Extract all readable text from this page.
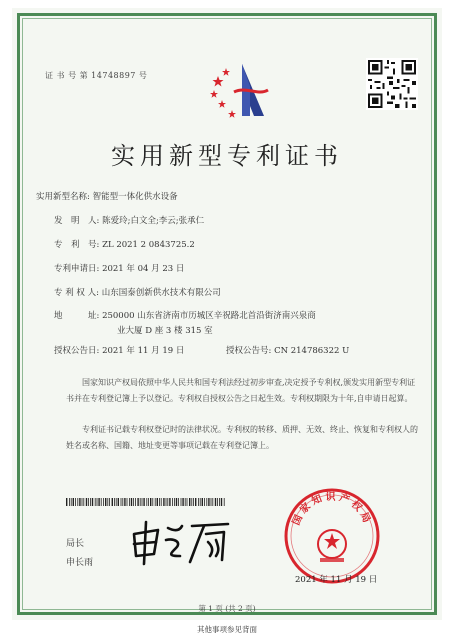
证 书 号 第 14748897 号
实用新型专利证书
实用新型名称: 智能型一体化供水设备
发　明　人: 陈爱玲;白文全;李云;张承仁
专　利　号: ZL 2021 2 0843725.2
专利申请日: 2021 年 04 月 23 日
专 利 权 人: 山东国泰创新供水技术有限公司
地　　　址: 250000 山东省济南市历城区辛祝路北首沿街济南兴泉商
业大厦 D 座 3 楼 315 室
授权公告日: 2021 年 11 月 19 日	授权公告号: CN 214786322 U
国家知识产权局依照中华人民共和国专利法经过初步审查,决定授予专利权,颁发实用新型专利证书并在专利登记簿上予以登记。专利权自授权公告之日起生效。专利权期限为十年,自申请日起算。
专利证书记载专利权登记时的法律状况。专利权的转移、质押、无效、终止、恢复和专利权人的姓名或名称、国籍、地址变更等事项记载在专利登记簿上。
局长
申长雨
国家知识产权局
2021 年 11 月 19 日
第 1 页 (共 2 页)
其他事项参见背面
